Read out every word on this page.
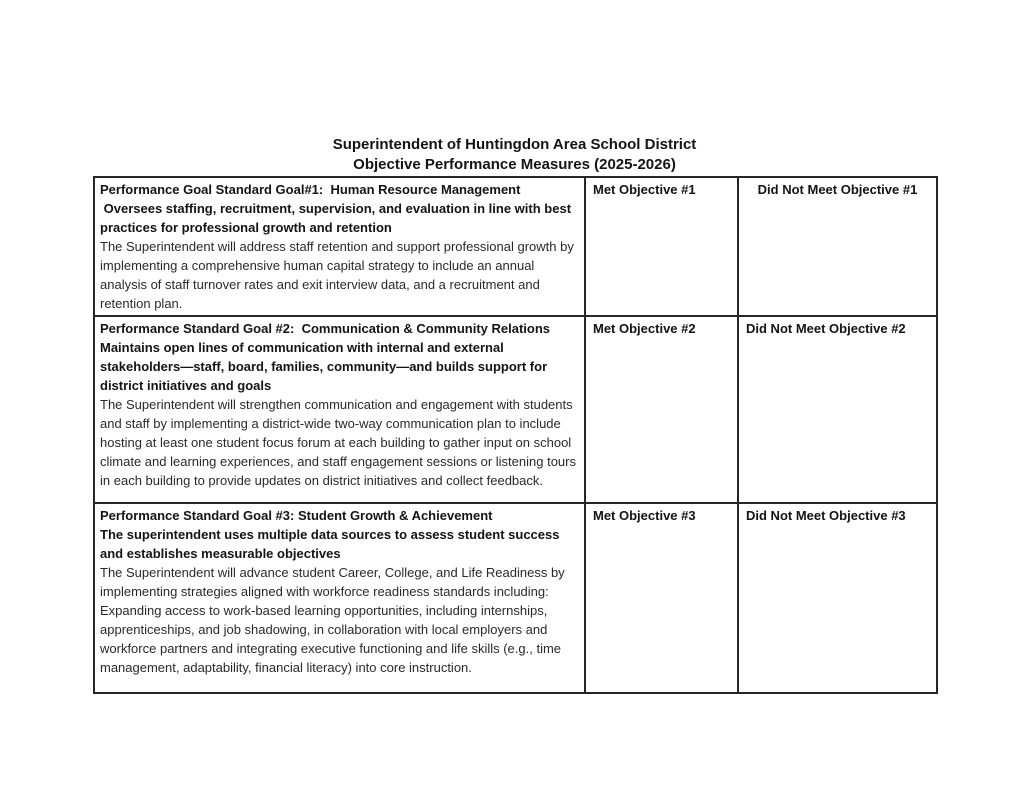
Superintendent of Huntingdon Area School District
Objective Performance Measures (2025-2026)
Performance Goal Standard Goal#1:  Human Resource Management
Oversees staffing, recruitment, supervision, and evaluation in line with best practices for professional growth and retention
The Superintendent will address staff retention and support professional growth by implementing a comprehensive human capital strategy to include an annual analysis of staff turnover rates and exit interview data, and a recruitment and retention plan.	Met Objective #1	Did Not Meet Objective #1

Performance Standard Goal #2:  Communication & Community Relations
Maintains open lines of communication with internal and external stakeholders—staff, board, families, community—and builds support for district initiatives and goals
The Superintendent will strengthen communication and engagement with students and staff by implementing a district-wide two-way communication plan to include hosting at least one student focus forum at each building to gather input on school climate and learning experiences, and staff engagement sessions or listening tours in each building to provide updates on district initiatives and collect feedback.	Met Objective #2	Did Not Meet Objective #2

Performance Standard Goal #3: Student Growth & Achievement
The superintendent uses multiple data sources to assess student success and establishes measurable objectives
The Superintendent will advance student Career, College, and Life Readiness by implementing strategies aligned with workforce readiness standards including: Expanding access to work-based learning opportunities, including internships, apprenticeships, and job shadowing, in collaboration with local employers and workforce partners and integrating executive functioning and life skills (e.g., time management, adaptability, financial literacy) into core instruction.	Met Objective #3	Did Not Meet Objective #3
